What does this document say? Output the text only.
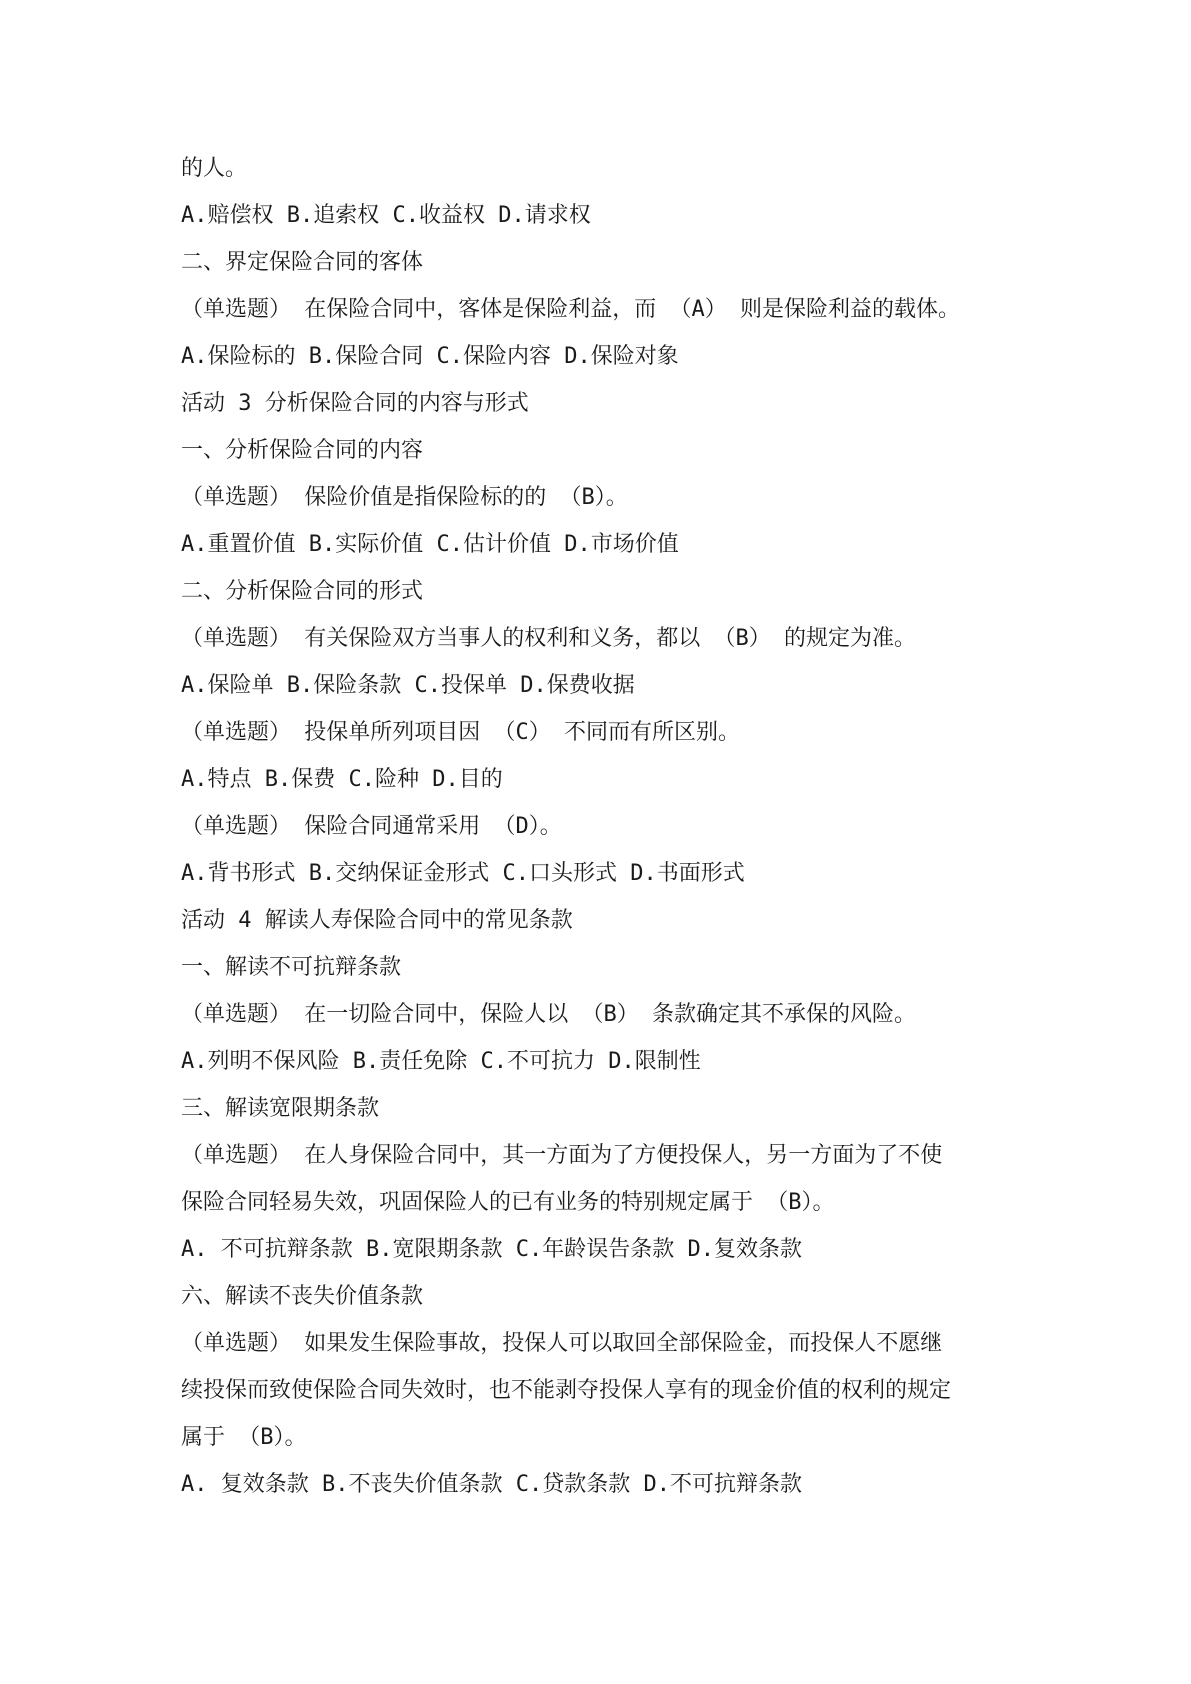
的人。
A.赔偿权 B.追索权 C.收益权 D.请求权
二、界定保险合同的客体
（单选题） 在保险合同中，客体是保险利益，而 （A） 则是保险利益的载体。
A.保险标的 B.保险合同 C.保险内容 D.保险对象
活动 3 分析保险合同的内容与形式
一、分析保险合同的内容
（单选题） 保险价值是指保险标的的 （B）。
A.重置价值 B.实际价值 C.估计价值 D.市场价值
二、分析保险合同的形式
（单选题） 有关保险双方当事人的权利和义务，都以 （B） 的规定为准。
A.保险单 B.保险条款 C.投保单 D.保费收据
（单选题） 投保单所列项目因 （C） 不同而有所区别。
A.特点 B.保费 C.险种 D.目的
（单选题） 保险合同通常采用 （D）。
A.背书形式 B.交纳保证金形式 C.口头形式 D.书面形式
活动 4 解读人寿保险合同中的常见条款
一、解读不可抗辩条款
（单选题） 在一切险合同中，保险人以 （B） 条款确定其不承保的风险。
A.列明不保风险 B.责任免除 C.不可抗力 D.限制性
三、解读宽限期条款
（单选题） 在人身保险合同中，其一方面为了方便投保人，另一方面为了不使
保险合同轻易失效，巩固保险人的已有业务的特别规定属于 （B）。
A. 不可抗辩条款 B.宽限期条款 C.年龄误告条款 D.复效条款
六、解读不丧失价值条款
（单选题） 如果发生保险事故，投保人可以取回全部保险金，而投保人不愿继
续投保而致使保险合同失效时，也不能剥夺投保人享有的现金价值的权利的规定
属于 （B）。
A. 复效条款 B.不丧失价值条款 C.贷款条款 D.不可抗辩条款
